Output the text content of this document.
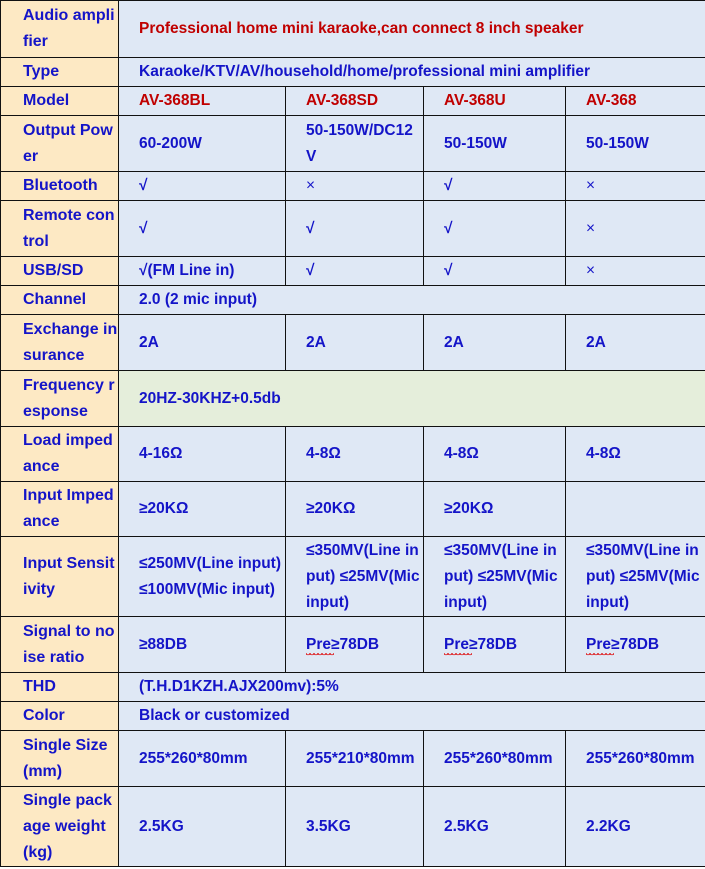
Audio amplifier	Professional home mini karaoke,can connect 8 inch speaker			
Type	Karaoke/KTV/AV/household/home/professional mini amplifier			
Model	AV-368BL	AV-368SD	AV-368U	AV-368
Output Power	60-200W	50-150W/DC12V	50-150W	50-150W
Bluetooth	√	×	√	×
Remote control	√	√	√	×
USB/SD	√(FM Line in)	√	√	×
Channel	2.0 (2 mic input)			
Exchange insurance	2A	2A	2A	2A
Frequency response	20HZ-30KHZ+0.5db			
Load impedance	4-16Ω	4-8Ω	4-8Ω	4-8Ω
Input Impedance	≥20KΩ	≥20KΩ	≥20KΩ	
Input Sensitivity	≤250MV(Line input) ≤100MV(Mic input)	≤350MV(Line input) ≤25MV(Mic input)	≤350MV(Line input) ≤25MV(Mic input)	≤350MV(Line input) ≤25MV(Mic input)
Signal to noise ratio	≥88DB	Pre≥78DB	Pre≥78DB	Pre≥78DB
THD	(T.H.D1KZH.AJX200mv):5%			
Color	Black or customized			
Single Size(mm)	255*260*80mm	255*210*80mm	255*260*80mm	255*260*80mm
Single package weight(kg)	2.5KG	3.5KG	2.5KG	2.2KG
